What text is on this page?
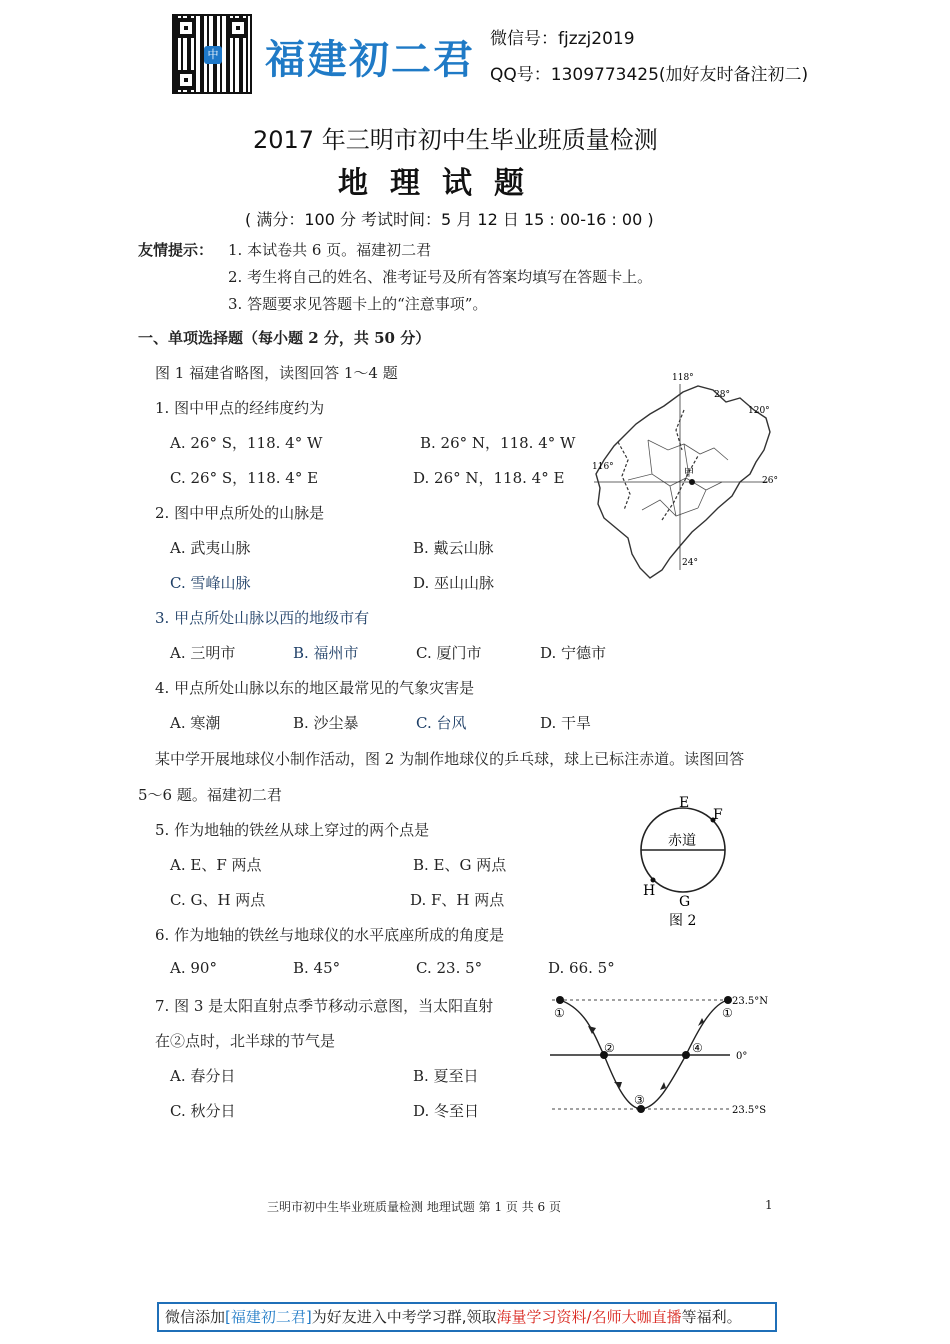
中 福建初二君 微信号：fjzzj2019
QQ号：1309773425(加好友时备注初二)
2017 年三明市初中生毕业班质量检测
地理试题
( 满分：100 分 考试时间：5 月 12 日 15 : 00-16 : 00 )
友情提示： 1. 本试卷共 6 页。福建初二君
2. 考生将自己的姓名、准考证号及所有答案均填写在答题卡上。
3. 答题要求见答题卡上的“注意事项”。
一、单项选择题（每小题 2 分，共 50 分）
图 1 福建省略图，读图回答 1～4 题
1. 图中甲点的经纬度约为
A. 26° S，118. 4° W	B. 26° N，118. 4° W
C. 26° S，118. 4° E	D. 26° N，118. 4° E
2. 图中甲点所处的山脉是
A. 武夷山脉	B. 戴云山脉
C. 雪峰山脉	D. 巫山山脉
3. 甲点所处山脉以西的地级市有
A. 三明市	B. 福州市	C. 厦门市	D. 宁德市
4. 甲点所处山脉以东的地区最常见的气象灾害是
A. 寒潮	B. 沙尘暴	C. 台风	D. 干旱
某中学开展地球仪小制作活动，图 2 为制作地球仪的乒乓球，球上已标注赤道。读图回答
5～6 题。福建初二君
5. 作为地轴的铁丝从球上穿过的两个点是
A. E、F 两点	B. E、G 两点
C. G、H 两点	D. F、H 两点
6. 作为地轴的铁丝与地球仪的水平底座所成的角度是
A. 90°	B. 45°	C. 23. 5°	D. 66. 5°
7. 图 3 是太阳直射点季节移动示意图，当太阳直射
在②点时，北半球的节气是
A. 春分日	B. 夏至日
C. 秋分日	D. 冬至日
118°
28°
120°
116°
26°
24°
甲
E
F
赤道
H
G
图 2
①
②
③
④
①
23.5°N
0°
23.5°S
三明市初中生毕业班质量检测 地理试题 第 1 页 共 6 页	1
微信添加[福建初二君]为好友进入中考学习群,领取海量学习资料/名师大咖直播等福利。
